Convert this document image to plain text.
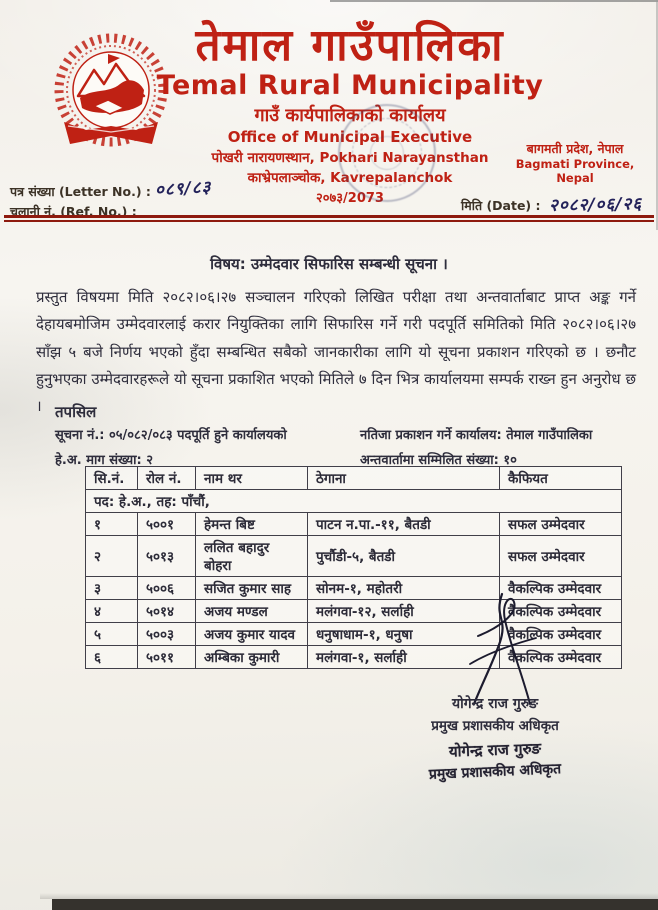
तेमाल गाउँपालिका
Temal Rural Municipality
गाउँ कार्यपालिकाको कार्यालय
Office of Municipal Executive
पोखरी नारायणस्थान, Pokhari Narayansthan
काभ्रेपलाञ्चोक, Kavrepalanchok
२०७३/2073
बागमती प्रदेश, नेपाल
Bagmati Province, Nepal
पत्र संख्या (Letter No.) : ०८९/८३
चलानी नं. (Ref. No.) :	मिति (Date) : २०८२/०६/२६
विषय: उम्मेदवार सिफारिस सम्बन्धी सूचना ।

प्रस्तुत विषयमा मिति २०८२।०६।२७ सञ्चालन गरिएको लिखित परीक्षा तथा अन्तवार्ताबाट प्राप्त अङ्क गर्ने देहायबमोजिम उम्मेदवारलाई करार नियुक्तिका लागि सिफारिस गर्ने गरी पदपूर्ति समितिको मिति २०८२।०६।२७ साँझ ५ बजे निर्णय भएको हुँदा सम्बन्धित सबैको जानकारीका लागि यो सूचना प्रकाशन गरिएको छ । छनौट हुनुभएका उम्मेदवारहरूले यो सूचना प्रकाशित भएको मितिले ७ दिन भित्र कार्यालयमा सम्पर्क राख्न हुन अनुरोध छ । तपसिल
सूचना नं.: ०५/०८२/०८३ पदपूर्ति हुने कार्यालयको
हे.अ. माग संख्या: २
नतिजा प्रकाशन गर्ने कार्यालय: तेमाल गाउँपालिका
अन्तवार्तामा सम्मिलित संख्या: १०
सि.नं.	रोल नं.	नाम थर	ठेगाना	कैफियत
पद: हे.अ., तह: पाँचौं,				
१	५००१	हेमन्त बिष्ट	पाटन न.पा.-११, बैतडी	सफल उम्मेदवार
२	५०१३	ललित बहादुर बोहरा	पुर्चौडी-५, बैतडी	सफल उम्मेदवार
३	५००६	सजित कुमार साह	सोनम-१, महोतरी	वैकल्पिक उम्मेदवार
४	५०१४	अजय मण्डल	मलंगवा-१२, सर्लाही	वैकल्पिक उम्मेदवार
५	५००३	अजय कुमार यादव	धनुषाधाम-१, धनुषा	वैकल्पिक उम्मेदवार
६	५०११	अम्बिका कुमारी	मलंगवा-१, सर्लाही	वैकल्पिक उम्मेदवार
योगेन्द्र राज गुरुङ
प्रमुख प्रशासकीय अधिकृत
योगेन्द्र राज गुरुङ
प्रमुख प्रशासकीय अधिकृत
